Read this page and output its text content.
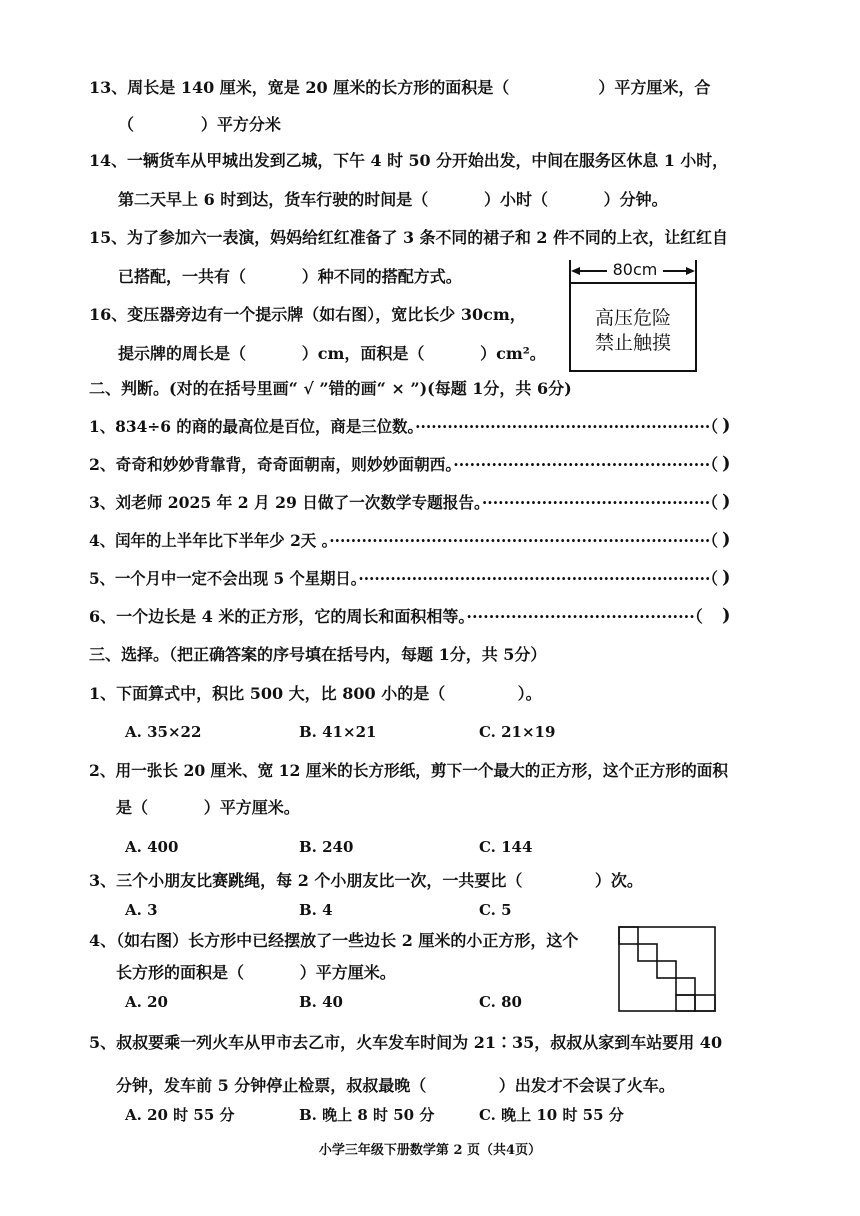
13、周长是 140 厘米，宽是 20 厘米的长方形的面积是（                ）平方厘米，合
（            ）平方分米
14、一辆货车从甲城出发到乙城，下午 4 时 50 分开始出发，中间在服务区休息 1 小时，
第二天早上 6 时到达，货车行驶的时间是（          ）小时（          ）分钟。
15、为了参加六一表演，妈妈给红红准备了 3 条不同的裙子和 2 件不同的上衣，让红红自
已搭配，一共有（          ）种不同的搭配方式。
16、变压器旁边有一个提示牌（如右图），宽比长少 30cm，
提示牌的周长是（          ）cm，面积是（          ）cm²。
80cm
高压危险
禁止触摸
二、判断。(对的在括号里画“ √ ”错的画“ × ”)(每题 1分，共 6分)
1、834÷6 的商的最高位是百位，商是三位数。·······················································（ )
2、奇奇和妙妙背靠背，奇奇面朝南，则妙妙面朝西。···············································（ )
3、刘老师 2025 年 2 月 29 日做了一次数学专题报告。··········································（ )
4、闰年的上半年比下半年少 2天 。·······································································（ )
5、一个月中一定不会出现 5 个星期日。··································································（ )
6、一个边长是 4 米的正方形，它的周长和面积相等。·········································（ )
三、选择。（把正确答案的序号填在括号内，每题 1分，共 5分）
1、下面算式中，积比 500 大，比 800 小的是（             ）。
A. 35×22	B. 41×21	C. 21×19
2、用一张长 20 厘米、宽 12 厘米的长方形纸，剪下一个最大的正方形，这个正方形的面积
是（          ）平方厘米。
A. 400	B. 240	C. 144
3、三个小朋友比赛跳绳，每 2 个小朋友比一次，一共要比（             ）次。
A. 3	B. 4	C. 5
4、（如右图）长方形中已经摆放了一些边长 2 厘米的小正方形，这个
长方形的面积是（          ）平方厘米。
A. 20	B. 40	C. 80
5、叔叔要乘一列火车从甲市去乙市，火车发车时间为 21∶35，叔叔从家到车站要用 40
分钟，发车前 5 分钟停止检票，叔叔最晚（             ）出发才不会误了火车。
A. 20 时 55 分	B. 晚上 8 时 50 分	C. 晚上 10 时 55 分
小学三年级下册数学第 2 页（共4页）
